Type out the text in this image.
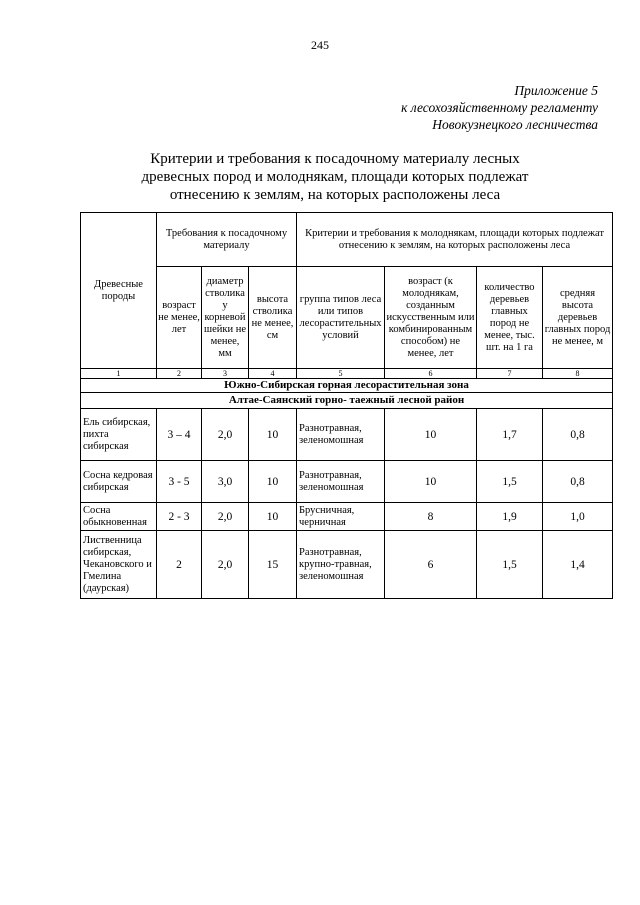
245
Приложение 5
к лесохозяйственному регламенту
Новокузнецкого лесничества
Критерии и требования к посадочному материалу лесных
древесных пород и молоднякам, площади которых подлежат
отнесению к землям, на которых расположены леса
Древесные породы	Требования к посадочному материалу			Критерии и требования к молоднякам, площади которых подлежат отнесению к землям, на которых расположены леса			
	возраст не менее, лет	диаметр стволика у корневой шейки не менее, мм	высота стволика не менее, см	группа типов леса или типов лесорастительных условий	возраст (к молоднякам, созданным искусственным или комбинированным способом) не менее, лет	количество деревьев главных пород не менее, тыс. шт. на 1 га	средняя высота деревьев главных пород не менее, м
1	2	3	4	5	6	7	8
Южно-Сибирская горная лесорастительная зона							
Алтае-Саянский горно- таежный лесной район							
Ель сибирская, пихта сибирская	3 – 4	2,0	10	Разнотравная, зеленомошная	10	1,7	0,8
Сосна кедровая сибирская	3 - 5	3,0	10	Разнотравная, зеленомошная	10	1,5	0,8
Сосна обыкновенная	2 - 3	2,0	10	Брусничная, черничная	8	1,9	1,0
Лиственница сибирская, Чекановского и Гмелина (даурская)	2	2,0	15	Разнотравная, крупно-травная, зеленомошная	6	1,5	1,4
